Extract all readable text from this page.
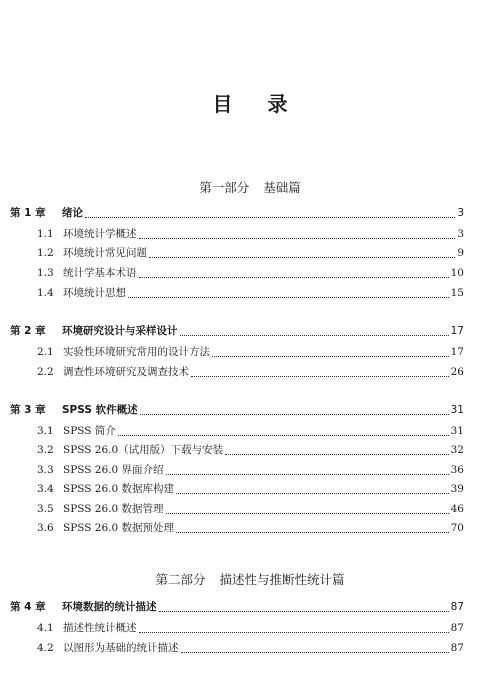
目 录
第一部分 基础篇
第 1 章	绪论	3
1.1 环境统计学概述	3
1.2 环境统计常见问题	9
1.3 统计学基本术语	10
1.4 环境统计思想	15
第 2 章	环境研究设计与采样设计	17
2.1 实验性环境研究常用的设计方法	17
2.2 调查性环境研究及调查技术	26
第 3 章	SPSS 软件概述	31
3.1 SPSS 简介	31
3.2 SPSS 26.0（试用版）下载与安装	32
3.3 SPSS 26.0 界面介绍	36
3.4 SPSS 26.0 数据库构建	39
3.5 SPSS 26.0 数据管理	46
3.6 SPSS 26.0 数据预处理	70
第二部分 描述性与推断性统计篇
第 4 章	环境数据的统计描述	87
4.1 描述性统计概述	87
4.2 以图形为基础的统计描述	87
